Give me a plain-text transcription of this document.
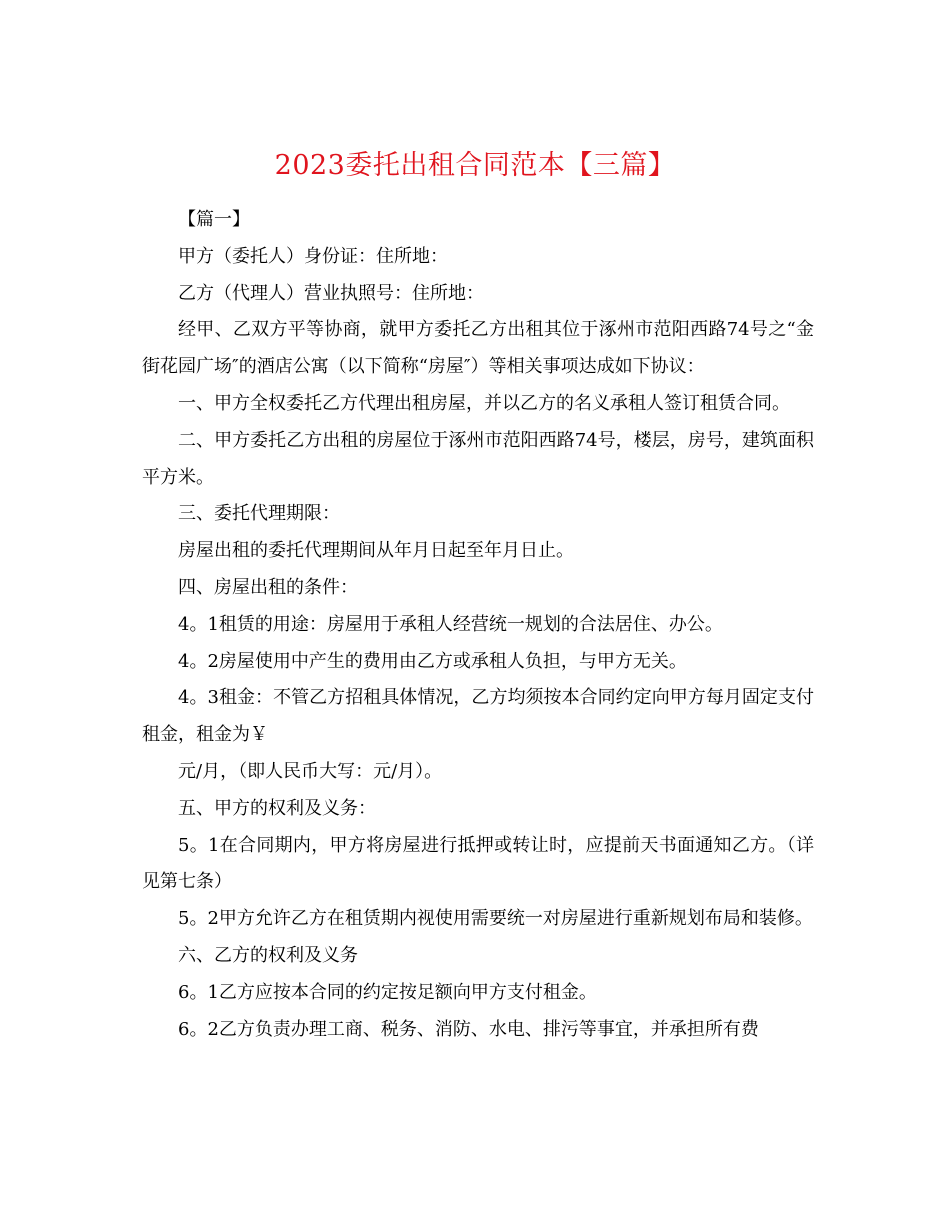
2023委托出租合同范本【三篇】

【篇一】

甲方（委托人）身份证：住所地：

乙方（代理人）营业执照号：住所地：

经甲、乙双方平等协商，就甲方委托乙方出租其位于涿州市范阳西路74号之“金街花园广场″的酒店公寓（以下简称“房屋″）等相关事项达成如下协议：

一、甲方全权委托乙方代理出租房屋，并以乙方的名义承租人签订租赁合同。

二、甲方委托乙方出租的房屋位于涿州市范阳西路74号，楼层，房号，建筑面积平方米。

三、委托代理期限：

房屋出租的委托代理期间从年月日起至年月日止。

四、房屋出租的条件：

4。1租赁的用途：房屋用于承租人经营统一规划的合法居住、办公。

4。2房屋使用中产生的费用由乙方或承租人负担，与甲方无关。

4。3租金：不管乙方招租具体情况，乙方均须按本合同约定向甲方每月固定支付租金，租金为￥

元/月，（即人民币大写：元/月）。

五、甲方的权利及义务：

5。1在合同期内，甲方将房屋进行抵押或转让时，应提前天书面通知乙方。（详见第七条）

5。2甲方允许乙方在租赁期内视使用需要统一对房屋进行重新规划布局和装修。

六、乙方的权利及义务

6。1乙方应按本合同的约定按足额向甲方支付租金。

6。2乙方负责办理工商、税务、消防、水电、排污等事宜，并承担所有费
